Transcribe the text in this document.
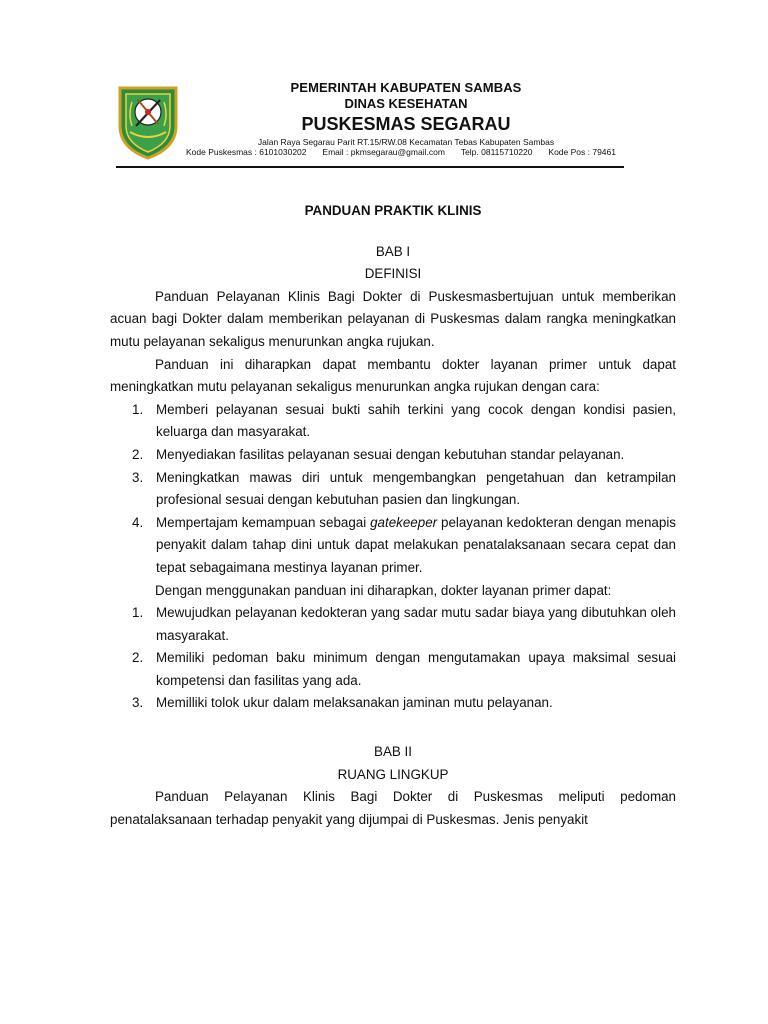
PEMERINTAH KABUPATEN SAMBAS
DINAS KESEHATAN
PUSKESMAS SEGARAU
Jalan Raya Segarau Parit RT.15/RW.08 Kecamatan Tebas Kabupaten Sambas
Kode Puskesmas : 6101030202 Email : pkmsegarau@gmail.com Telp. 08115710220 Kode Pos : 79461
PANDUAN PRAKTIK KLINIS
BAB I
DEFINISI

Panduan Pelayanan Klinis Bagi Dokter di Puskesmasbertujuan untuk memberikan acuan bagi Dokter dalam memberikan pelayanan di Puskesmas dalam rangka meningkatkan mutu pelayanan sekaligus menurunkan angka rujukan.

Panduan ini diharapkan dapat membantu dokter layanan primer untuk dapat meningkatkan mutu pelayanan sekaligus menurunkan angka rujukan dengan cara:

1. Memberi pelayanan sesuai bukti sahih terkini yang cocok dengan kondisi pasien, keluarga dan masyarakat.
2. Menyediakan fasilitas pelayanan sesuai dengan kebutuhan standar pelayanan.
3. Meningkatkan mawas diri untuk mengembangkan pengetahuan dan ketrampilan profesional sesuai dengan kebutuhan pasien dan lingkungan.
4. Mempertajam kemampuan sebagai gatekeeper pelayanan kedokteran dengan menapis penyakit dalam tahap dini untuk dapat melakukan penatalaksanaan secara cepat dan tepat sebagaimana mestinya layanan primer.

Dengan menggunakan panduan ini diharapkan, dokter layanan primer dapat:

1. Mewujudkan pelayanan kedokteran yang sadar mutu sadar biaya yang dibutuhkan oleh masyarakat.
2. Memiliki pedoman baku minimum dengan mengutamakan upaya maksimal sesuai kompetensi dan fasilitas yang ada.
3. Memilliki tolok ukur dalam melaksanakan jaminan mutu pelayanan.
BAB II
RUANG LINGKUP

Panduan Pelayanan Klinis Bagi Dokter di Puskesmas meliputi pedoman penatalaksanaan terhadap penyakit yang dijumpai di Puskesmas. Jenis penyakit
